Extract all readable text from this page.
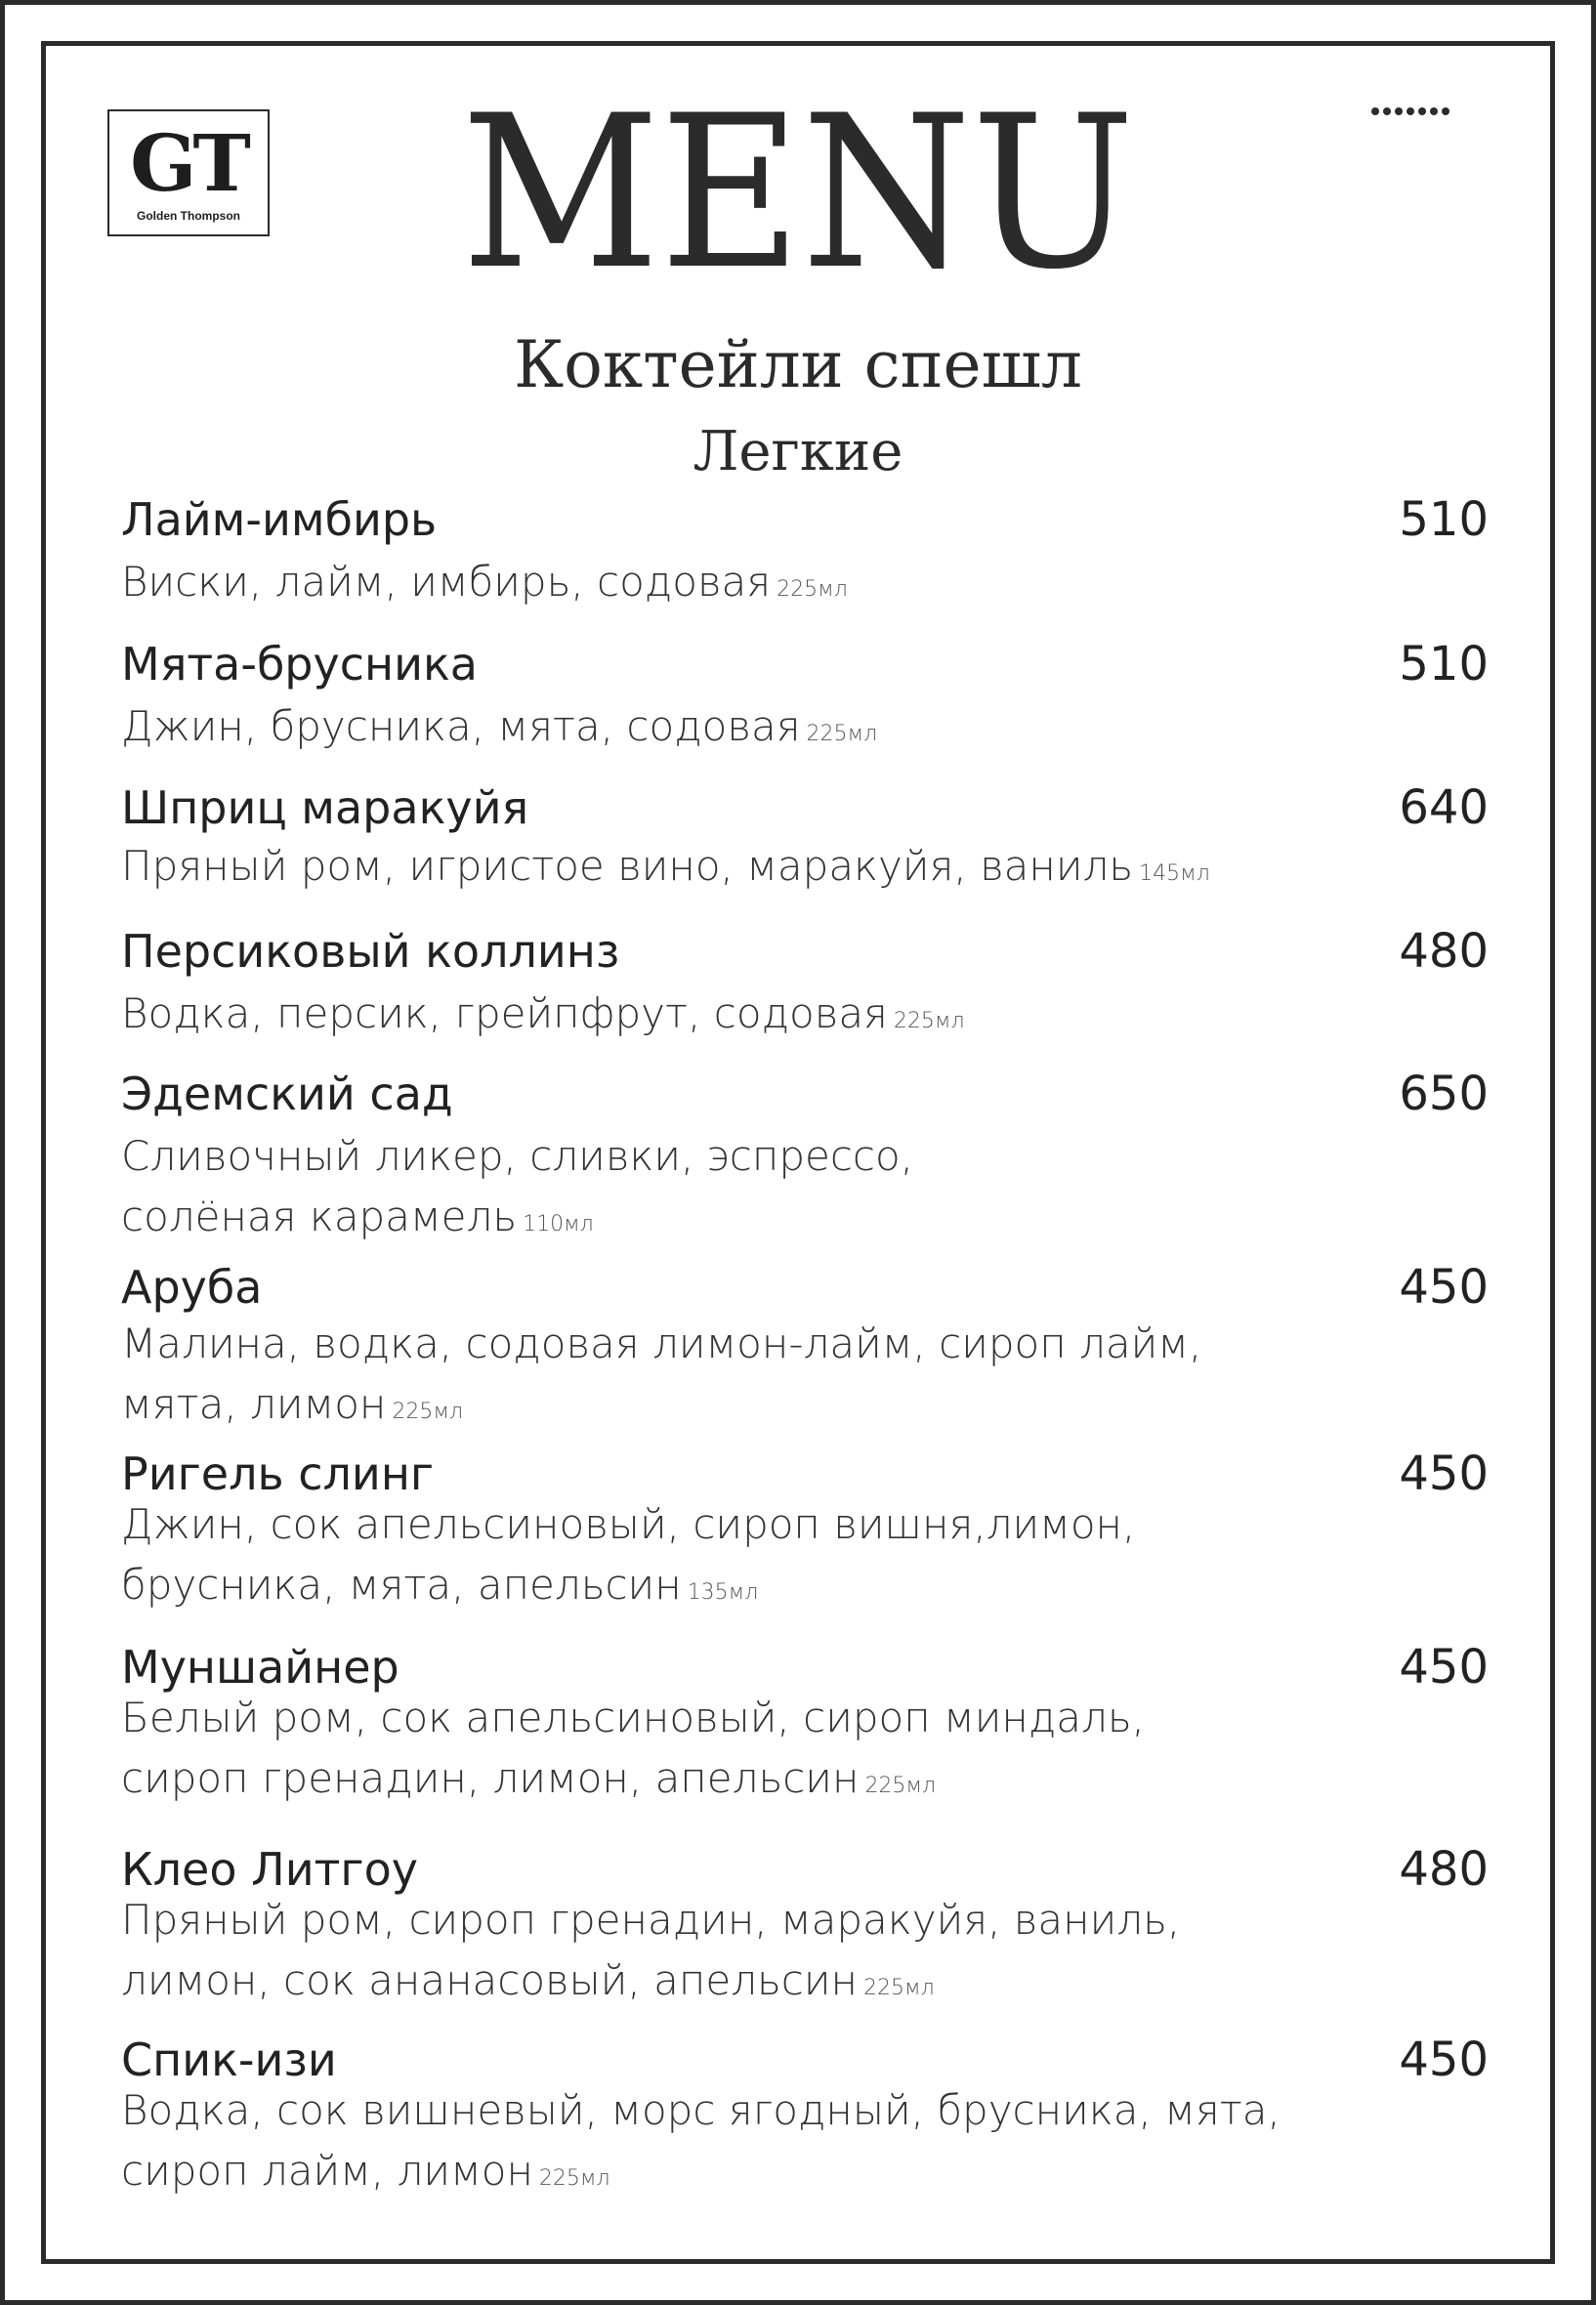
GT
Golden Thompson	MENU
Коктейли спешл
Легкие
Лайм-имбирь	510
Виски, лайм, имбирь, содовая 225мл
Мята-брусника	510
Джин, брусника, мята, содовая 225мл
Шприц маракуйя	640
Пряный ром, игристое вино, маракуйя, ваниль 145мл
Персиковый коллинз	480
Водка, персик, грейпфрут, содовая 225мл
Эдемский сад	650
Сливочный ликер, сливки, эспрессо,
солёная карамель 110мл
Аруба	450
Малина, водка, содовая лимон-лайм, сироп лайм,
мята, лимон 225мл
Ригель слинг	450
Джин, сок апельсиновый, сироп вишня,лимон,
брусника, мята, апельсин 135мл
Муншайнер	450
Белый ром, сок апельсиновый, сироп миндаль,
сироп гренадин, лимон, апельсин 225мл
Клео Литгоу	480
Пряный ром, сироп гренадин, маракуйя, ваниль,
лимон, сок ананасовый, апельсин 225мл
Спик-изи	450
Водка, сок вишневый, морс ягодный, брусника, мята,
сироп лайм, лимон 225мл
